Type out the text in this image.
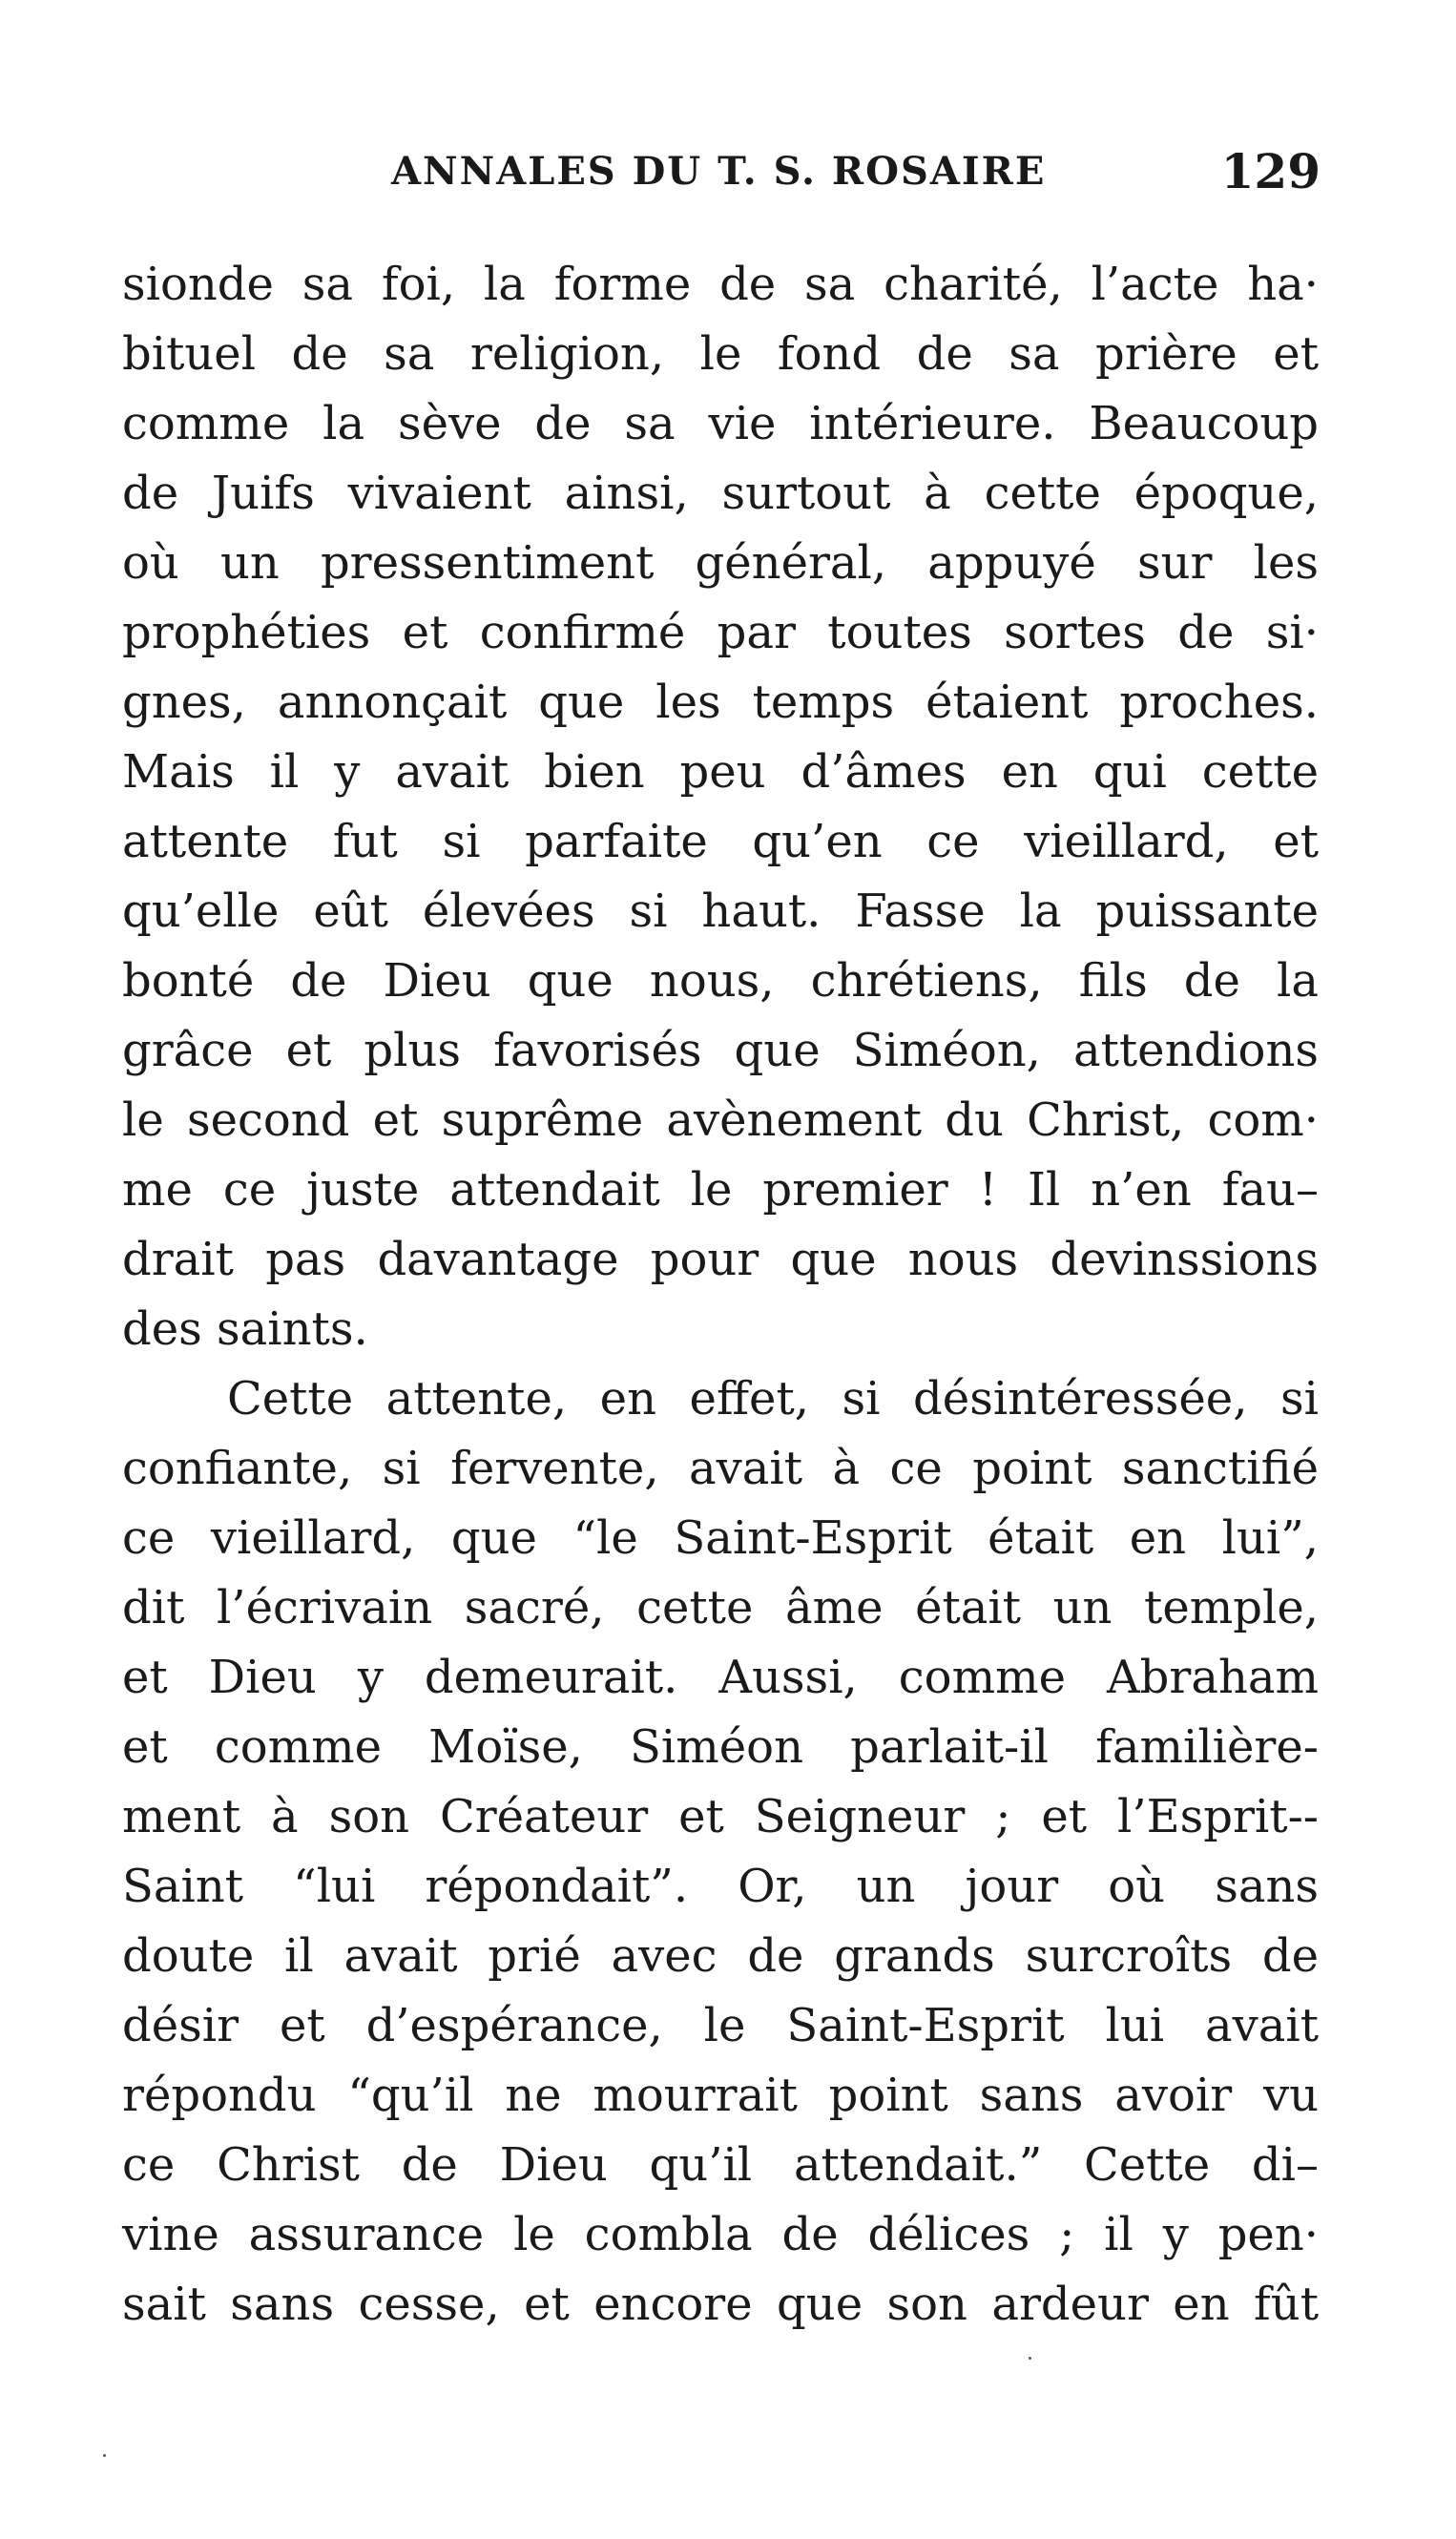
ANNALES DU T. S. ROSAIRE	129
sionde sa foi, la forme de sa charité, l’acte ha·
bituel de sa religion, le fond de sa prière et
comme la sève de sa vie intérieure. Beaucoup
de Juifs vivaient ainsi, surtout à cette époque,
où un pressentiment général, appuyé sur les
prophéties et confirmé par toutes sortes de si·
gnes, annonçait que les temps étaient proches.
Mais il y avait bien peu d’âmes en qui cette
attente fut si parfaite qu’en ce vieillard, et
qu’elle eût élevées si haut. Fasse la puissante
bonté de Dieu que nous, chrétiens, fils de la
grâce et plus favorisés que Siméon, attendions
le second et suprême avènement du Christ, com·
me ce juste attendait le premier ! Il n’en fau–
drait pas davantage pour que nous devinssions
des saints.
Cette attente, en effet, si désintéressée, si
confiante, si fervente, avait à ce point sanctifié
ce vieillard, que “le Saint-Esprit était en lui”,
dit l’écrivain sacré, cette âme était un temple,
et Dieu y demeurait. Aussi, comme Abraham
et comme Moïse, Siméon parlait-il familière-
ment à son Créateur et Seigneur ; et l’Esprit--
Saint “lui répondait”. Or, un jour où sans
doute il avait prié avec de grands surcroîts de
désir et d’espérance, le Saint-Esprit lui avait
répondu “qu’il ne mourrait point sans avoir vu
ce Christ de Dieu qu’il attendait.” Cette di–
vine assurance le combla de délices ; il y pen·
sait sans cesse, et encore que son ardeur en fût
